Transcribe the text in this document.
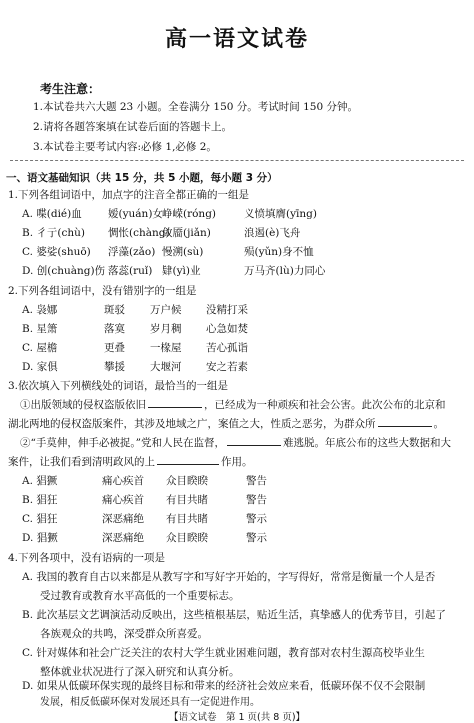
高一语文试卷
考生注意：
1.本试卷共六大题 23 小题。全卷满分 150 分。考试时间 150 分钟。
2.请将各题答案填在试卷后面的答题卡上。
3.本试卷主要考试内容:必修 1,必修 2。
一、语文基础知识（共 15 分，共 5 小题，每小题 3 分）
1.下列各组词语中，加点字的注音全都正确的一组是
A. 喋(dié)血	嫒(yuán)女峥嵘(róng)	义愤填膺(yīng)
B. 彳亍(chù) 惆怅(chàng)敛靥(jiǎn)	浪遏(è)飞舟
C. 婆娑(shuō) 浮藻(zǎo) 慢溯(sù)	殒(yǔn)身不恤
D. 创(chuàng)伤 落蕊(ruǐ) 肄(yì)业	万马齐(lù)力同心
2.下列各组词语中，没有错别字的一组是
A. 袅娜	斑驳 万户候 没精打采
B. 星箫	落寞 岁月稠 心急如焚
C. 屋檐	更叠 一椽屋 苦心孤诣
D. 家俱	攀援 大堰河 安之若素
3.依次填入下列横线处的词语，最恰当的一组是
①出版领域的侵权盗版依旧	，已经成为一种顽疾和社会公害。此次公布的北京和
湖北两地的侵权盗版案件，其涉及地域之广，案值之大，性质之恶劣，为群众所	。
②“手莫伸，伸手必被捉。”党和人民在监督，	难逃脱。年底公布的这些大数据和大
案件，让我们看到清明政风的上	作用。
A. 猖獗	痛心疾首 众目睽睽	警告
B. 猖狂	痛心疾首 有目共睹	警告
C. 猖狂	深恶痛绝 有目共睹	警示
D. 猖獗	深恶痛绝 众目睽睽	警示
4.下列各项中，没有语病的一项是
A. 我国的教育自古以来都是从教写字和写好字开始的，字写得好，常常是衡量一个人是否
受过教育或教育水平高低的一个重要标志。
B. 此次基层文艺调演活动反映出，这些植根基层，贴近生活，真挚感人的优秀节目，引起了
各族观众的共鸣，深受群众所喜爱。
C. 针对媒体和社会广泛关注的农村大学生就业困难问题，教育部对农村生源高校毕业生
整体就业状况进行了深入研究和认真分析。
D. 如果从低碳环保实现的最终目标和带来的经济社会效应来看，低碳环保不仅不会限制
【语文试卷　第 1 页(共 8 页)】
发展，相反低碳环保对发展还具有一定促进作用。
